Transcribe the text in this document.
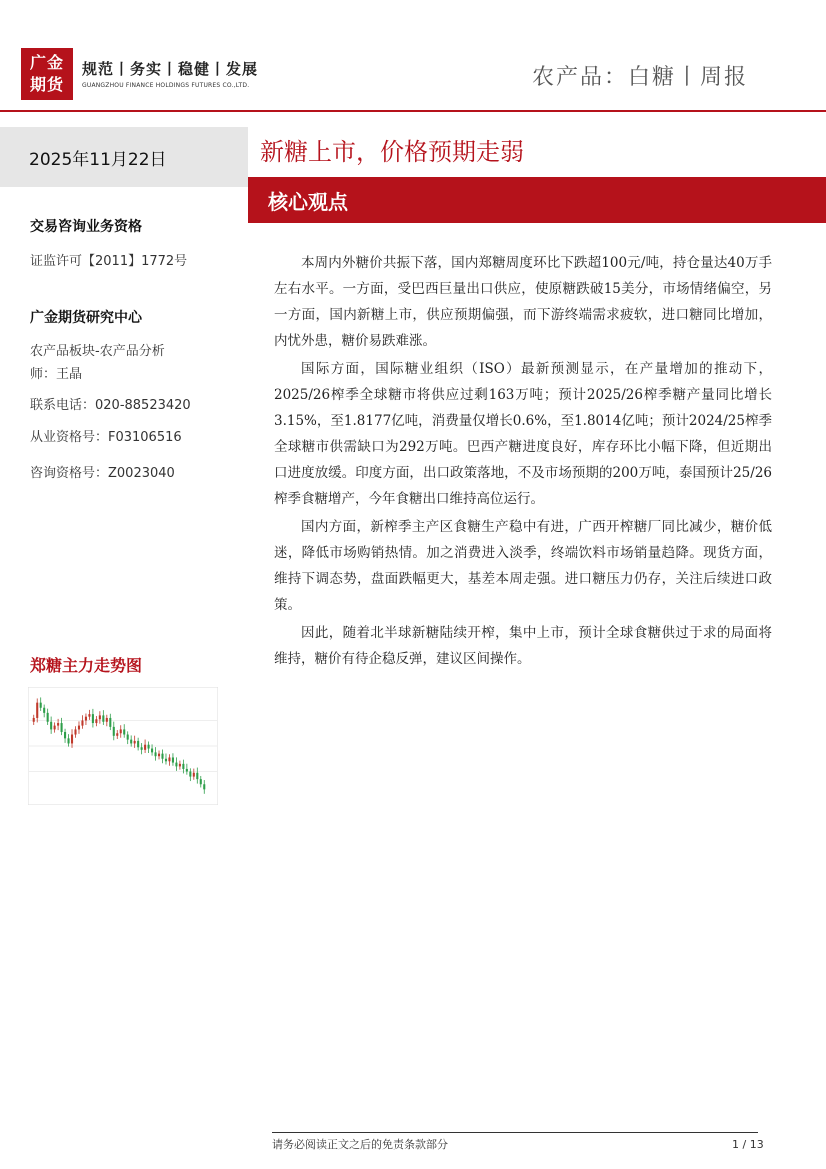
广金
期货
规范丨务实丨稳健丨发展
GUANGZHOU FINANCE HOLDINGS FUTURES CO.,LTD.	农产品：白糖丨周报
2025年11月22日
交易咨询业务资格
证监许可【2011】1772号
广金期货研究中心
农产品板块-农产品分析
师：王晶
联系电话：020-88523420
从业资格号：F03106516
咨询资格号：Z0023040
郑糖主力走势图
新糖上市，价格预期走弱
核心观点

本周内外糖价共振下落，国内郑糖周度环比下跌超100元/吨，持仓量达40万手左右水平。一方面，受巴西巨量出口供应，使原糖跌破15美分，市场情绪偏空，另一方面，国内新糖上市，供应预期偏强，而下游终端需求疲软，进口糖同比增加，内忧外患，糖价易跌难涨。

国际方面，国际糖业组织（ISO）最新预测显示，在产量增加的推动下，2025/26榨季全球糖市将供应过剩163万吨；预计2025/26榨季糖产量同比增长3.15%，至1.8177亿吨，消费量仅增长0.6%，至1.8014亿吨；预计2024/25榨季全球糖市供需缺口为292万吨。巴西产糖进度良好，库存环比小幅下降，但近期出口进度放缓。印度方面，出口政策落地，不及市场预期的200万吨，泰国预计25/26榨季食糖增产，今年食糖出口维持高位运行。

国内方面，新榨季主产区食糖生产稳中有进，广西开榨糖厂同比减少，糖价低迷，降低市场购销热情。加之消费进入淡季，终端饮料市场销量趋降。现货方面，维持下调态势，盘面跌幅更大，基差本周走强。进口糖压力仍存，关注后续进口政策。

因此，随着北半球新糖陆续开榨，集中上市，预计全球食糖供过于求的局面将维持，糖价有待企稳反弹，建议区间操作。

请务必阅读正文之后的免责条款部分	1 / 13
